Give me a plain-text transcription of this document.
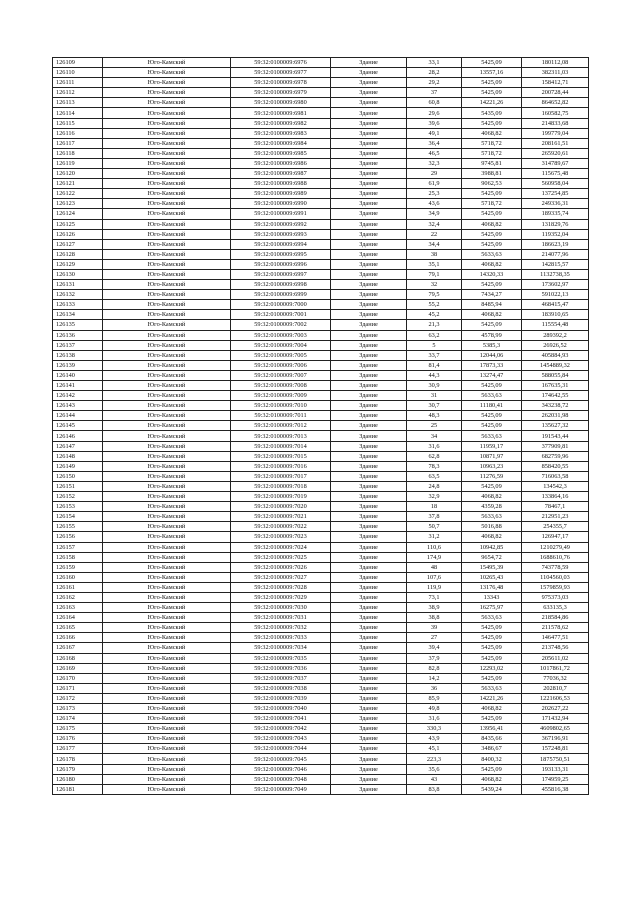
126109	Юго-Камский	59:32:0100009:6976	Здание	33,1	5425,09	180112,08
126110	Юго-Камский	59:32:0100009:6977	Здание	28,2	13557,16	382311,03
126111	Юго-Камский	59:32:0100009:6978	Здание	29,2	5425,09	158412,71
126112	Юго-Камский	59:32:0100009:6979	Здание	37	5425,09	200728,44
126113	Юго-Камский	59:32:0100009:6980	Здание	60,8	14221,26	864652,82
126114	Юго-Камский	59:32:0100009:6981	Здание	29,6	5435,09	160582,75
126115	Юго-Камский	59:32:0100009:6982	Здание	39,6	5425,09	214833,68
126116	Юго-Камский	59:32:0100009:6983	Здание	49,1	4068,82	199779,04
126117	Юго-Камский	59:32:0100009:6984	Здание	36,4	5718,72	208161,51
126118	Юго-Камский	59:32:0100009:6985	Здание	46,5	5718,72	265920,61
126119	Юго-Камский	59:32:0100009:6986	Здание	32,3	9745,81	314789,67
126120	Юго-Камский	59:32:0100009:6987	Здание	29	3988,81	115675,48
126121	Юго-Камский	59:32:0100009:6988	Здание	61,9	9062,53	560958,04
126122	Юго-Камский	59:32:0100009:6989	Здание	25,3	5425,09	137254,85
126123	Юго-Камский	59:32:0100009:6990	Здание	43,6	5718,72	249336,31
126124	Юго-Камский	59:32:0100009:6991	Здание	34,9	5425,09	189335,74
126125	Юго-Камский	59:32:0100009:6992	Здание	32,4	4068,82	131829,76
126126	Юго-Камский	59:32:0100009:6993	Здание	22	5425,09	119352,04
126127	Юго-Камский	59:32:0100009:6994	Здание	34,4	5425,09	186623,19
126128	Юго-Камский	59:32:0100009:6995	Здание	38	5633,63	214077,96
126129	Юго-Камский	59:32:0100009:6996	Здание	35,1	4068,82	142815,57
126130	Юго-Камский	59:32:0100009:6997	Здание	79,1	14320,33	1132738,35
126131	Юго-Камский	59:32:0100009:6998	Здание	32	5425,09	173602,97
126132	Юго-Камский	59:32:0100009:6999	Здание	79,5	7434,27	591022,13
126133	Юго-Камский	59:32:0100009:7000	Здание	55,2	8485,94	468415,47
126134	Юго-Камский	59:32:0100009:7001	Здание	45,2	4068,82	183910,65
126135	Юго-Камский	59:32:0100009:7002	Здание	21,3	5425,09	115554,48
126136	Юго-Камский	59:32:0100009:7003	Здание	63,2	4578,99	289392,2
126137	Юго-Камский	59:32:0100009:7004	Здание	5	5385,3	26926,52
126138	Юго-Камский	59:32:0100009:7005	Здание	33,7	12044,06	405884,93
126139	Юго-Камский	59:32:0100009:7006	Здание	81,4	17873,33	1454889,32
126140	Юго-Камский	59:32:0100009:7007	Здание	44,3	13274,47	588055,84
126141	Юго-Камский	59:32:0100009:7008	Здание	30,9	5425,09	167635,31
126142	Юго-Камский	59:32:0100009:7009	Здание	31	5633,63	174642,55
126143	Юго-Камский	59:32:0100009:7010	Здание	30,7	11180,41	343238,72
126144	Юго-Камский	59:32:0100009:7011	Здание	48,3	5425,09	262031,98
126145	Юго-Камский	59:32:0100009:7012	Здание	25	5425,09	135627,32
126146	Юго-Камский	59:32:0100009:7013	Здание	34	5633,63	191543,44
126147	Юго-Камский	59:32:0100009:7014	Здание	31,6	11959,17	377909,81
126148	Юго-Камский	59:32:0100009:7015	Здание	62,8	10871,97	682759,96
126149	Юго-Камский	59:32:0100009:7016	Здание	78,3	10963,23	858420,55
126150	Юго-Камский	59:32:0100009:7017	Здание	63,5	11276,59	716063,58
126151	Юго-Камский	59:32:0100009:7018	Здание	24,8	5425,09	134542,3
126152	Юго-Камский	59:32:0100009:7019	Здание	32,9	4068,82	133864,16
126153	Юго-Камский	59:32:0100009:7020	Здание	18	4359,28	78467,1
126154	Юго-Камский	59:32:0100009:7021	Здание	37,8	5633,63	212951,23
126155	Юго-Камский	59:32:0100009:7022	Здание	50,7	5016,88	254355,7
126156	Юго-Камский	59:32:0100009:7023	Здание	31,2	4068,82	126947,17
126157	Юго-Камский	59:32:0100009:7024	Здание	110,6	10942,85	1210279,49
126158	Юго-Камский	59:32:0100009:7025	Здание	174,9	9654,72	1688610,76
126159	Юго-Камский	59:32:0100009:7026	Здание	48	15495,39	743778,59
126160	Юго-Камский	59:32:0100009:7027	Здание	107,6	10265,43	1104560,03
126161	Юго-Камский	59:32:0100009:7028	Здание	119,9	13176,48	1579859,93
126162	Юго-Камский	59:32:0100009:7029	Здание	73,1	13343	975373,03
126163	Юго-Камский	59:32:0100009:7030	Здание	38,9	16275,97	633135,3
126164	Юго-Камский	59:32:0100009:7031	Здание	38,8	5633,63	218584,86
126165	Юго-Камский	59:32:0100009:7032	Здание	39	5425,09	211578,62
126166	Юго-Камский	59:32:0100009:7033	Здание	27	5425,09	146477,51
126167	Юго-Камский	59:32:0100009:7034	Здание	39,4	5425,09	213748,56
126168	Юго-Камский	59:32:0100009:7035	Здание	37,9	5425,09	205611,02
126169	Юго-Камский	59:32:0100009:7036	Здание	82,8	12293,02	1017861,72
126170	Юго-Камский	59:32:0100009:7037	Здание	14,2	5425,09	77036,32
126171	Юго-Камский	59:32:0100009:7038	Здание	36	5633,63	202810,7
126172	Юго-Камский	59:32:0100009:7039	Здание	85,9	14221,26	1221606,53
126173	Юго-Камский	59:32:0100009:7040	Здание	49,8	4068,82	202627,22
126174	Юго-Камский	59:32:0100009:7041	Здание	31,6	5425,09	171432,94
126175	Юго-Камский	59:32:0100009:7042	Здание	330,3	13956,41	4609802,65
126176	Юго-Камский	59:32:0100009:7043	Здание	43,9	8435,66	367196,91
126177	Юго-Камский	59:32:0100009:7044	Здание	45,1	3486,67	157248,81
126178	Юго-Камский	59:32:0100009:7045	Здание	223,3	8400,32	1875750,51
126179	Юго-Камский	59:32:0100009:7046	Здание	35,6	5425,09	193133,31
126180	Юго-Камский	59:32:0100009:7048	Здание	43	4068,82	174959,25
126181	Юго-Камский	59:32:0100009:7049	Здание	83,8	5439,24	455816,38
